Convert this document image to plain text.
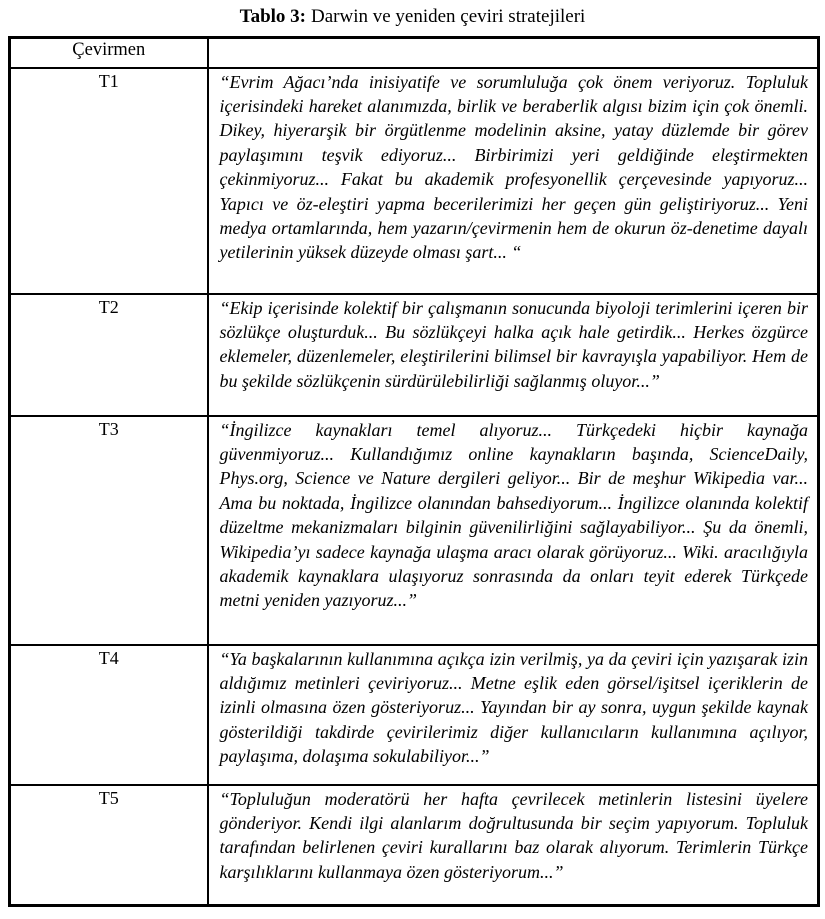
Tablo 3: Darwin ve yeniden çeviri stratejileri
Çevirmen	
T1	“Evrim Ağacı’nda inisiyatife ve sorumluluğa çok önem veriyoruz. Topluluk içerisindeki hareket alanımızda, birlik ve beraberlik algısı bizim için çok önemli. Dikey, hiyerarşik bir örgütlenme modelinin aksine, yatay düzlemde bir görev paylaşımını teşvik ediyoruz... Birbirimizi yeri geldiğinde eleştirmekten çekinmiyoruz... Fakat bu akademik profesyonellik çerçevesinde yapıyoruz... Yapıcı ve öz-eleştiri yapma becerilerimizi her geçen gün geliştiriyoruz... Yeni medya ortamlarında, hem yazarın/çevirmenin hem de okurun öz-denetime dayalı yetilerinin yüksek düzeyde olması şart... “
T2	“Ekip içerisinde kolektif bir çalışmanın sonucunda biyoloji terimlerini içeren bir sözlükçe oluşturduk... Bu sözlükçeyi halka açık hale getirdik... Herkes özgürce eklemeler, düzenlemeler, eleştirilerini bilimsel bir kavrayışla yapabiliyor. Hem de bu şekilde sözlükçenin sürdürülebilirliği sağlanmış oluyor...”
T3	“İngilizce kaynakları temel alıyoruz... Türkçedeki hiçbir kaynağa güvenmiyoruz... Kullandığımız online kaynakların başında, ScienceDaily, Phys.org, Science ve Nature dergileri geliyor... Bir de meşhur Wikipedia var... Ama bu noktada, İngilizce olanından bahsediyorum... İngilizce olanında kolektif düzeltme mekanizmaları bilginin güvenilirliğini sağlayabiliyor... Şu da önemli, Wikipedia’yı sadece kaynağa ulaşma aracı olarak görüyoruz... Wiki. aracılığıyla akademik kaynaklara ulaşıyoruz sonrasında da onları teyit ederek Türkçede metni yeniden yazıyoruz...”
T4	“Ya başkalarının kullanımına açıkça izin verilmiş, ya da çeviri için yazışarak izin aldığımız metinleri çeviriyoruz... Metne eşlik eden görsel/işitsel içeriklerin de izinli olmasına özen gösteriyoruz... Yayından bir ay sonra, uygun şekilde kaynak gösterildiği takdirde çevirilerimiz diğer kullanıcıların kullanımına açılıyor, paylaşıma, dolaşıma sokulabiliyor...”
T5	“Topluluğun moderatörü her hafta çevrilecek metinlerin listesini üyelere gönderiyor. Kendi ilgi alanlarım doğrultusunda bir seçim yapıyorum. Topluluk tarafından belirlenen çeviri kurallarını baz olarak alıyorum. Terimlerin Türkçe karşılıklarını kullanmaya özen gösteriyorum...”
